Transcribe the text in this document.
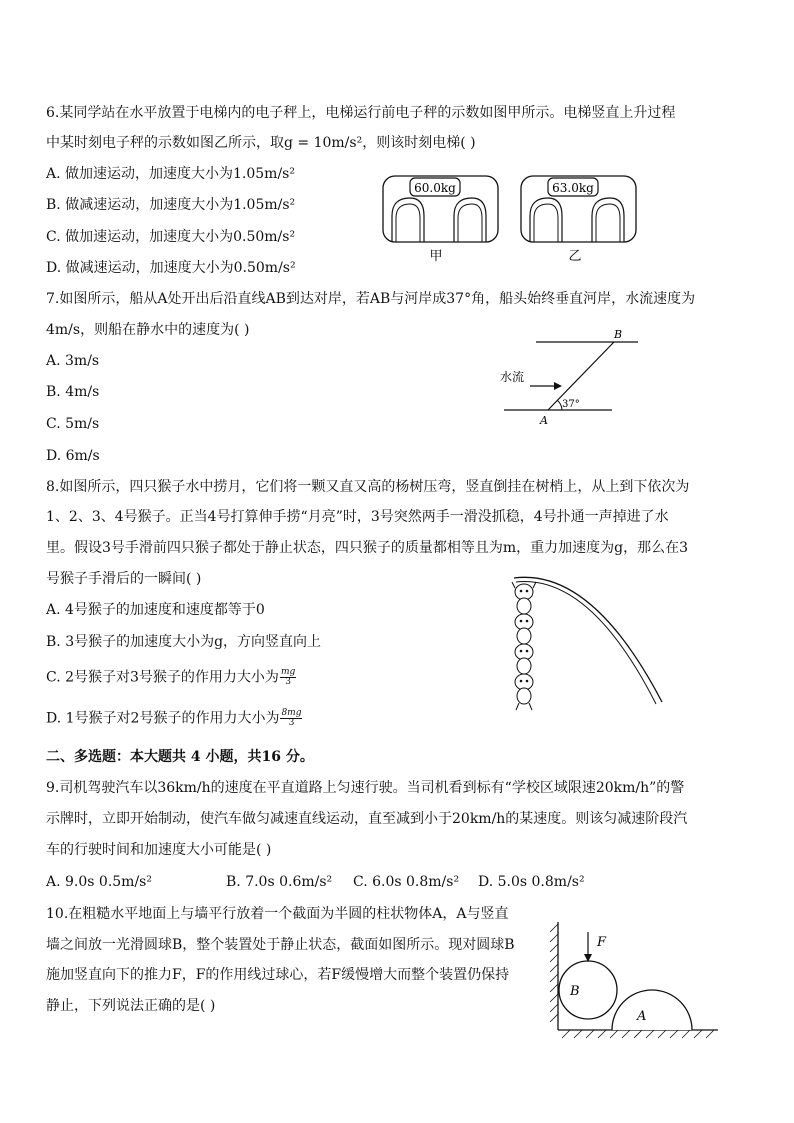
6.某同学站在水平放置于电梯内的电子秤上，电梯运行前电子秤的示数如图甲所示。电梯竖直上升过程
中某时刻电子秤的示数如图乙所示，取g = 10m/s²，则该时刻电梯( )
A. 做加速运动，加速度大小为1.05m/s²
B. 做减速运动，加速度大小为1.05m/s²
C. 做加速运动，加速度大小为0.50m/s²
D. 做减速运动，加速度大小为0.50m/s²
60.0kg
甲
63.0kg
乙
7.如图所示，船从A处开出后沿直线AB到达对岸，若AB与河岸成37°角，船头始终垂直河岸，水流速度为
4m/s，则船在静水中的速度为( )
A. 3m/s
B. 4m/s
C. 5m/s
D. 6m/s
B
A
水流
37°
8.如图所示，四只猴子水中捞月，它们将一颗又直又高的杨树压弯，竖直倒挂在树梢上，从上到下依次为
1、2、3、4号猴子。正当4号打算伸手捞“月亮”时，3号突然两手一滑没抓稳，4号扑通一声掉进了水
里。假设3号手滑前四只猴子都处于静止状态，四只猴子的质量都相等且为m，重力加速度为g，那么在3
号猴子手滑后的一瞬间( )
A. 4号猴子的加速度和速度都等于0
B. 3号猴子的加速度大小为g，方向竖直向上
C. 2号猴子对3号猴子的作用力大小为 $\frac{mg}{3}$
D. 1号猴子对2号猴子的作用力大小为 $\frac{8mg}{3}$
二、多选题：本大题共 4 小题，共16 分。
9.司机驾驶汽车以36km/h的速度在平直道路上匀速行驶。当司机看到标有“学校区域限速20km/h”的警
示牌时，立即开始制动，使汽车做匀减速直线运动，直至减到小于20km/h的某速度。则该匀减速阶段汽
车的行驶时间和加速度大小可能是( )
A. 9.0s 0.5m/s²	B. 7.0s 0.6m/s² C. 6.0s 0.8m/s² D. 5.0s 0.8m/s²
10.在粗糙水平地面上与墙平行放着一个截面为半圆的柱状物体A，A与竖直
墙之间放一光滑圆球B，整个装置处于静止状态，截面如图所示。现对圆球B
施加竖直向下的推力F，F的作用线过球心，若F缓慢增大而整个装置仍保持
静止，下列说法正确的是( )
F
B
A
